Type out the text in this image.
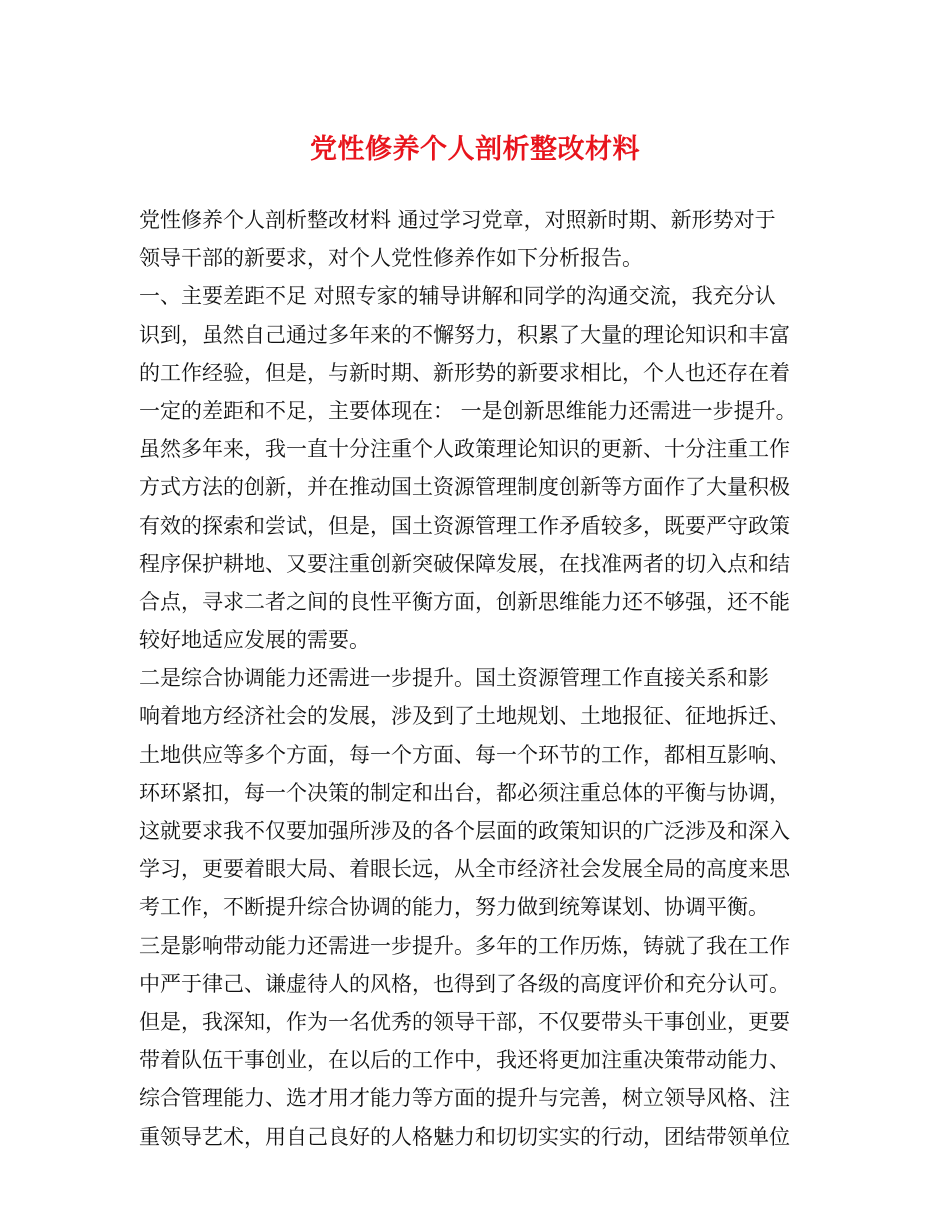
党性修养个人剖析整改材料
党性修养个人剖析整改材料 通过学习党章，对照新时期、新形势对于
领导干部的新要求，对个人党性修养作如下分析报告。
一、主要差距不足 对照专家的辅导讲解和同学的沟通交流，我充分认
识到，虽然自己通过多年来的不懈努力，积累了大量的理论知识和丰富
的工作经验，但是，与新时期、新形势的新要求相比，个人也还存在着
一定的差距和不足，主要体现在： 一是创新思维能力还需进一步提升。
虽然多年来，我一直十分注重个人政策理论知识的更新、十分注重工作
方式方法的创新，并在推动国土资源管理制度创新等方面作了大量积极
有效的探索和尝试，但是，国土资源管理工作矛盾较多，既要严守政策
程序保护耕地、又要注重创新突破保障发展，在找准两者的切入点和结
合点，寻求二者之间的良性平衡方面，创新思维能力还不够强，还不能
较好地适应发展的需要。
二是综合协调能力还需进一步提升。国土资源管理工作直接关系和影
响着地方经济社会的发展，涉及到了土地规划、土地报征、征地拆迁、
土地供应等多个方面，每一个方面、每一个环节的工作，都相互影响、
环环紧扣，每一个决策的制定和出台，都必须注重总体的平衡与协调，
这就要求我不仅要加强所涉及的各个层面的政策知识的广泛涉及和深入
学习，更要着眼大局、着眼长远，从全市经济社会发展全局的高度来思
考工作，不断提升综合协调的能力，努力做到统筹谋划、协调平衡。
三是影响带动能力还需进一步提升。多年的工作历炼，铸就了我在工作
中严于律己、谦虚待人的风格，也得到了各级的高度评价和充分认可。
但是，我深知，作为一名优秀的领导干部，不仅要带头干事创业，更要
带着队伍干事创业，在以后的工作中，我还将更加注重决策带动能力、
综合管理能力、选才用才能力等方面的提升与完善，树立领导风格、注
重领导艺术，用自己良好的人格魅力和切切实实的行动，团结带领单位
